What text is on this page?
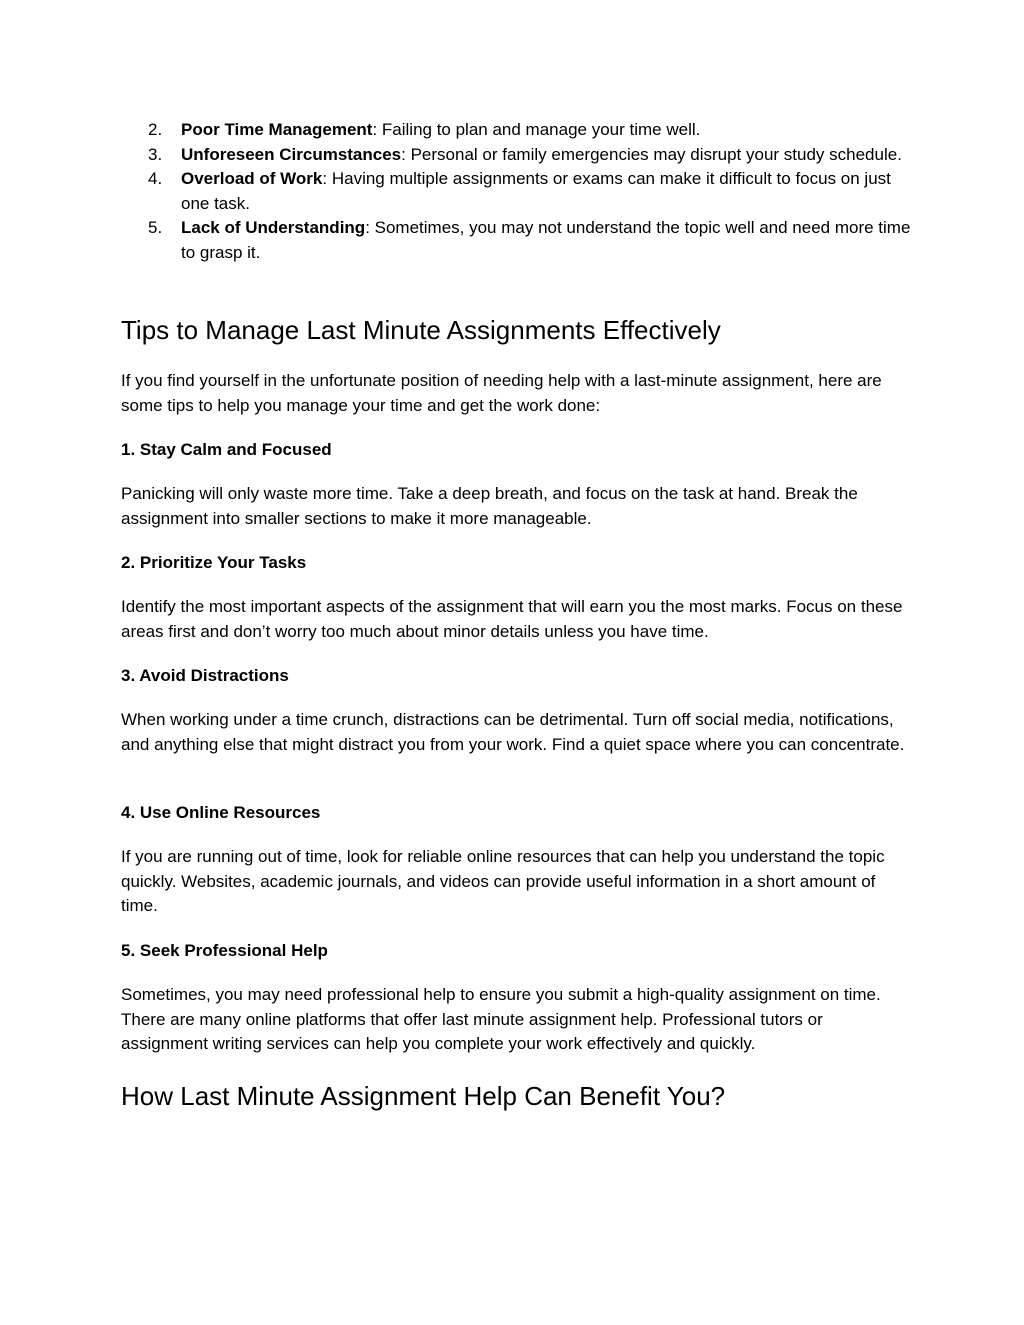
2.	Poor Time Management: Failing to plan and manage your time well.
3.	Unforeseen Circumstances: Personal or family emergencies may disrupt your study schedule.
4.	Overload of Work: Having multiple assignments or exams can make it difficult to focus on just one task.
5.	Lack of Understanding: Sometimes, you may not understand the topic well and need more time to grasp it.
Tips to Manage Last Minute Assignments Effectively

If you find yourself in the unfortunate position of needing help with a last-minute assignment, here are some tips to help you manage your time and get the work done:

1. Stay Calm and Focused

Panicking will only waste more time. Take a deep breath, and focus on the task at hand. Break the assignment into smaller sections to make it more manageable.

2. Prioritize Your Tasks

Identify the most important aspects of the assignment that will earn you the most marks. Focus on these areas first and don’t worry too much about minor details unless you have time.

3. Avoid Distractions

When working under a time crunch, distractions can be detrimental. Turn off social media, notifications, and anything else that might distract you from your work. Find a quiet space where you can concentrate.

4. Use Online Resources

If you are running out of time, look for reliable online resources that can help you understand the topic quickly. Websites, academic journals, and videos can provide useful information in a short amount of time.

5. Seek Professional Help

Sometimes, you may need professional help to ensure you submit a high-quality assignment on time. There are many online platforms that offer last minute assignment help. Professional tutors or assignment writing services can help you complete your work effectively and quickly.

How Last Minute Assignment Help Can Benefit You?
